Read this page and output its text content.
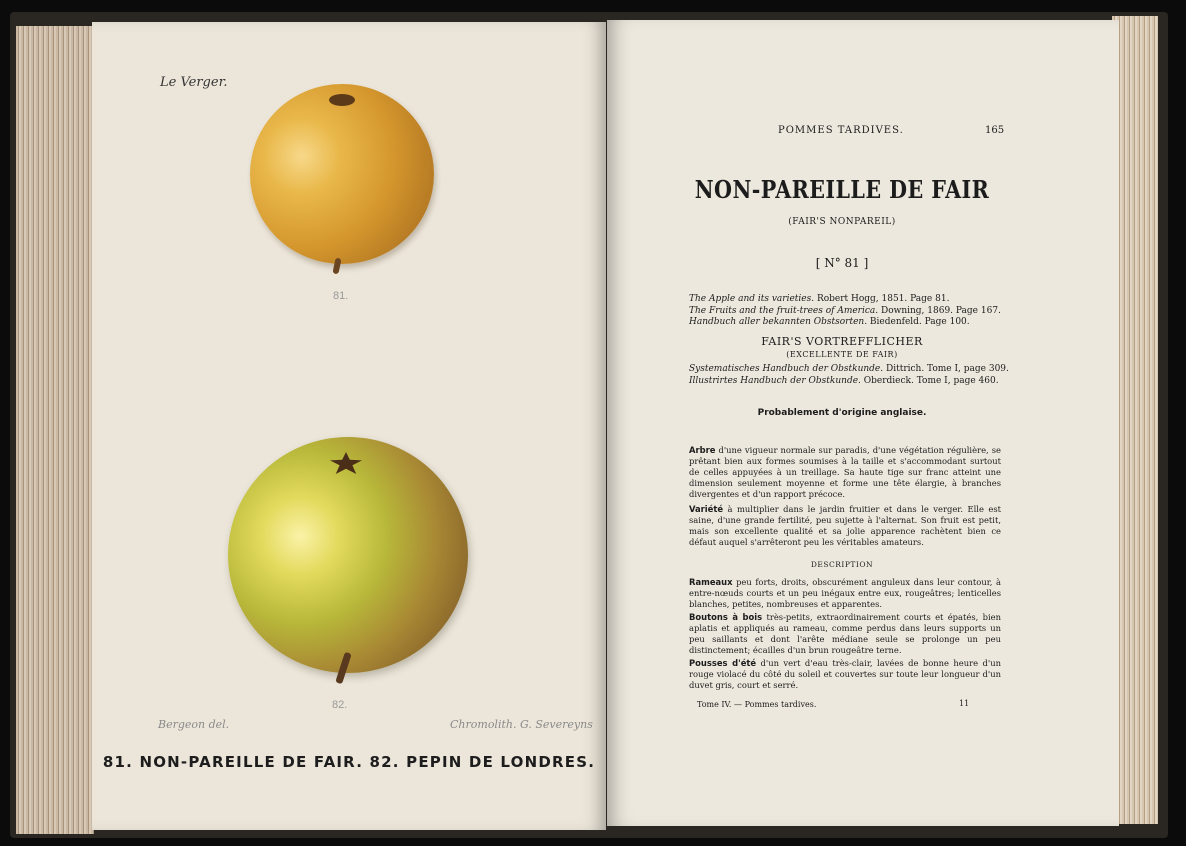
Le Verger.
81.
82.
Bergeon del.	Chromolith. G. Severeyns
81. NON-PAREILLE DE FAIR. 82. PEPIN DE LONDRES.
POMMES TARDIVES.	165
NON-PAREILLE DE FAIR
(FAIR'S NONPAREIL)
[ N° 81 ]
The Apple and its varieties. Robert Hogg, 1851. Page 81.
The Fruits and the fruit-trees of America. Downing, 1869. Page 167.
Handbuch aller bekannten Obstsorten. Biedenfeld. Page 100.
FAIR'S VORTREFFLICHER
(EXCELLENTE DE FAIR)
Systematisches Handbuch der Obstkunde. Dittrich. Tome I, page 309.
Illustrirtes Handbuch der Obstkunde. Oberdieck. Tome I, page 460.
Probablement d'origine anglaise.
Arbre d'une vigueur normale sur paradis, d'une végétation régulière, se prêtant bien aux formes soumises à la taille et s'accommodant surtout de celles appuyées à un treillage. Sa haute tige sur franc atteint une dimension seulement moyenne et forme une tête élargie, à branches divergentes et d'un rapport précoce.
Variété à multiplier dans le jardin fruitier et dans le verger. Elle est saine, d'une grande fertilité, peu sujette à l'alternat. Son fruit est petit, mais son excellente qualité et sa jolie apparence rachètent bien ce défaut auquel s'arrêteront peu les véritables amateurs.
DESCRIPTION
Rameaux peu forts, droits, obscurément anguleux dans leur contour, à entre-nœuds courts et un peu inégaux entre eux, rougeâtres; lenticelles blanches, petites, nombreuses et apparentes.
Boutons à bois très-petits, extraordinairement courts et épatés, bien aplatis et appliqués au rameau, comme perdus dans leurs supports un peu saillants et dont l'arête médiane seule se prolonge un peu distinctement; écailles d'un brun rougeâtre terne.
Pousses d'été d'un vert d'eau très-clair, lavées de bonne heure d'un rouge violacé du côté du soleil et couvertes sur toute leur longueur d'un duvet gris, court et serré.
Tome IV. — Pommes tardives.	11
